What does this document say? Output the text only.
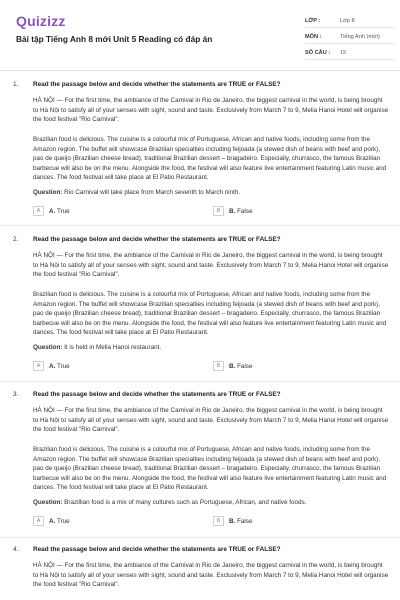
Quizizz
Bài tập Tiếng Anh 8 mới Unit 5 Reading có đáp án
LỚP :	Lớp 8
MÔN :	Tiếng Anh (mới)
SỐ CÂU :	15
1. Read the passage below and decide whether the statements are TRUE or FALSE?
HÀ NỘI — For the first time, the ambiance of the Carnival in Rio de Janeiro, the biggest carnival in the world, is being brought to Hà Nội to satisfy all of your senses with sight, sound and taste. Exclusively from March 7 to 9, Melia Hanoi Hotel will organise the food festival "Rio Carnival".
Brazilian food is delicious. The cuisine is a colourful mix of Portuguese, African and native foods, including some from the Amazon region. The buffet will showcase Brazilian specialties including feijoada (a stewed dish of beans with beef and pork), pao de queijo (Brazilian cheese bread), traditional Brazilian dessert – bragadeiro. Especially, churrasco, the famous Brazilian barbecue will also be on the menu. Alongside the food, the festival will also feature live entertainment featuring Latin music and dances. The food festival will take place at El Patio Restaurant.
Question: Rio Carnival will take place from March seventh to March ninth.
A	A. True	B	B. False
2. Read the passage below and decide whether the statements are TRUE or FALSE?
HÀ NỘI — For the first time, the ambiance of the Carnival in Rio de Janeiro, the biggest carnival in the world, is being brought to Hà Nội to satisfy all of your senses with sight, sound and taste. Exclusively from March 7 to 9, Melia Hanoi Hotel will organise the food festival "Rio Carnival".
Brazilian food is delicious. The cuisine is a colourful mix of Portuguese, African and native foods, including some from the Amazon region. The buffet will showcase Brazilian specialties including feijoada (a stewed dish of beans with beef and pork), pao de queijo (Brazilian cheese bread), traditional Brazilian dessert – bragadeiro. Especially, churrasco, the famous Brazilian barbecue will also be on the menu. Alongside the food, the festival will also feature live entertainment featuring Latin music and dances. The food festival will take place at El Patio Restaurant.
Question: It is held in Melia Hanoi restaurant.
A	A. True	B	B. False
3. Read the passage below and decide whether the statements are TRUE or FALSE?
HÀ NỘI — For the first time, the ambiance of the Carnival in Rio de Janeiro, the biggest carnival in the world, is being brought to Hà Nội to satisfy all of your senses with sight, sound and taste. Exclusively from March 7 to 9, Melia Hanoi Hotel will organise the food festival "Rio Carnival".
Brazilian food is delicious. The cuisine is a colourful mix of Portuguese, African and native foods, including some from the Amazon region. The buffet will showcase Brazilian specialties including feijoada (a stewed dish of beans with beef and pork), pao de queijo (Brazilian cheese bread), traditional Brazilian dessert – bragadeiro. Especially, churrasco, the famous Brazilian barbecue will also be on the menu. Alongside the food, the festival will also feature live entertainment featuring Latin music and dances. The food festival will take place at El Patio Restaurant.
Question: Brazillian food is a mix of many cultures such as Portuguese, African, and native foods.
A	A. True	B	B. False
4. Read the passage below and decide whether the statements are TRUE or FALSE?
HÀ NỘI — For the first time, the ambiance of the Carnival in Rio de Janeiro, the biggest carnival in the world, is being brought to Hà Nội to satisfy all of your senses with sight, sound and taste. Exclusively from March 7 to 9, Melia Hanoi Hotel will organise the food festival "Rio Carnival".
